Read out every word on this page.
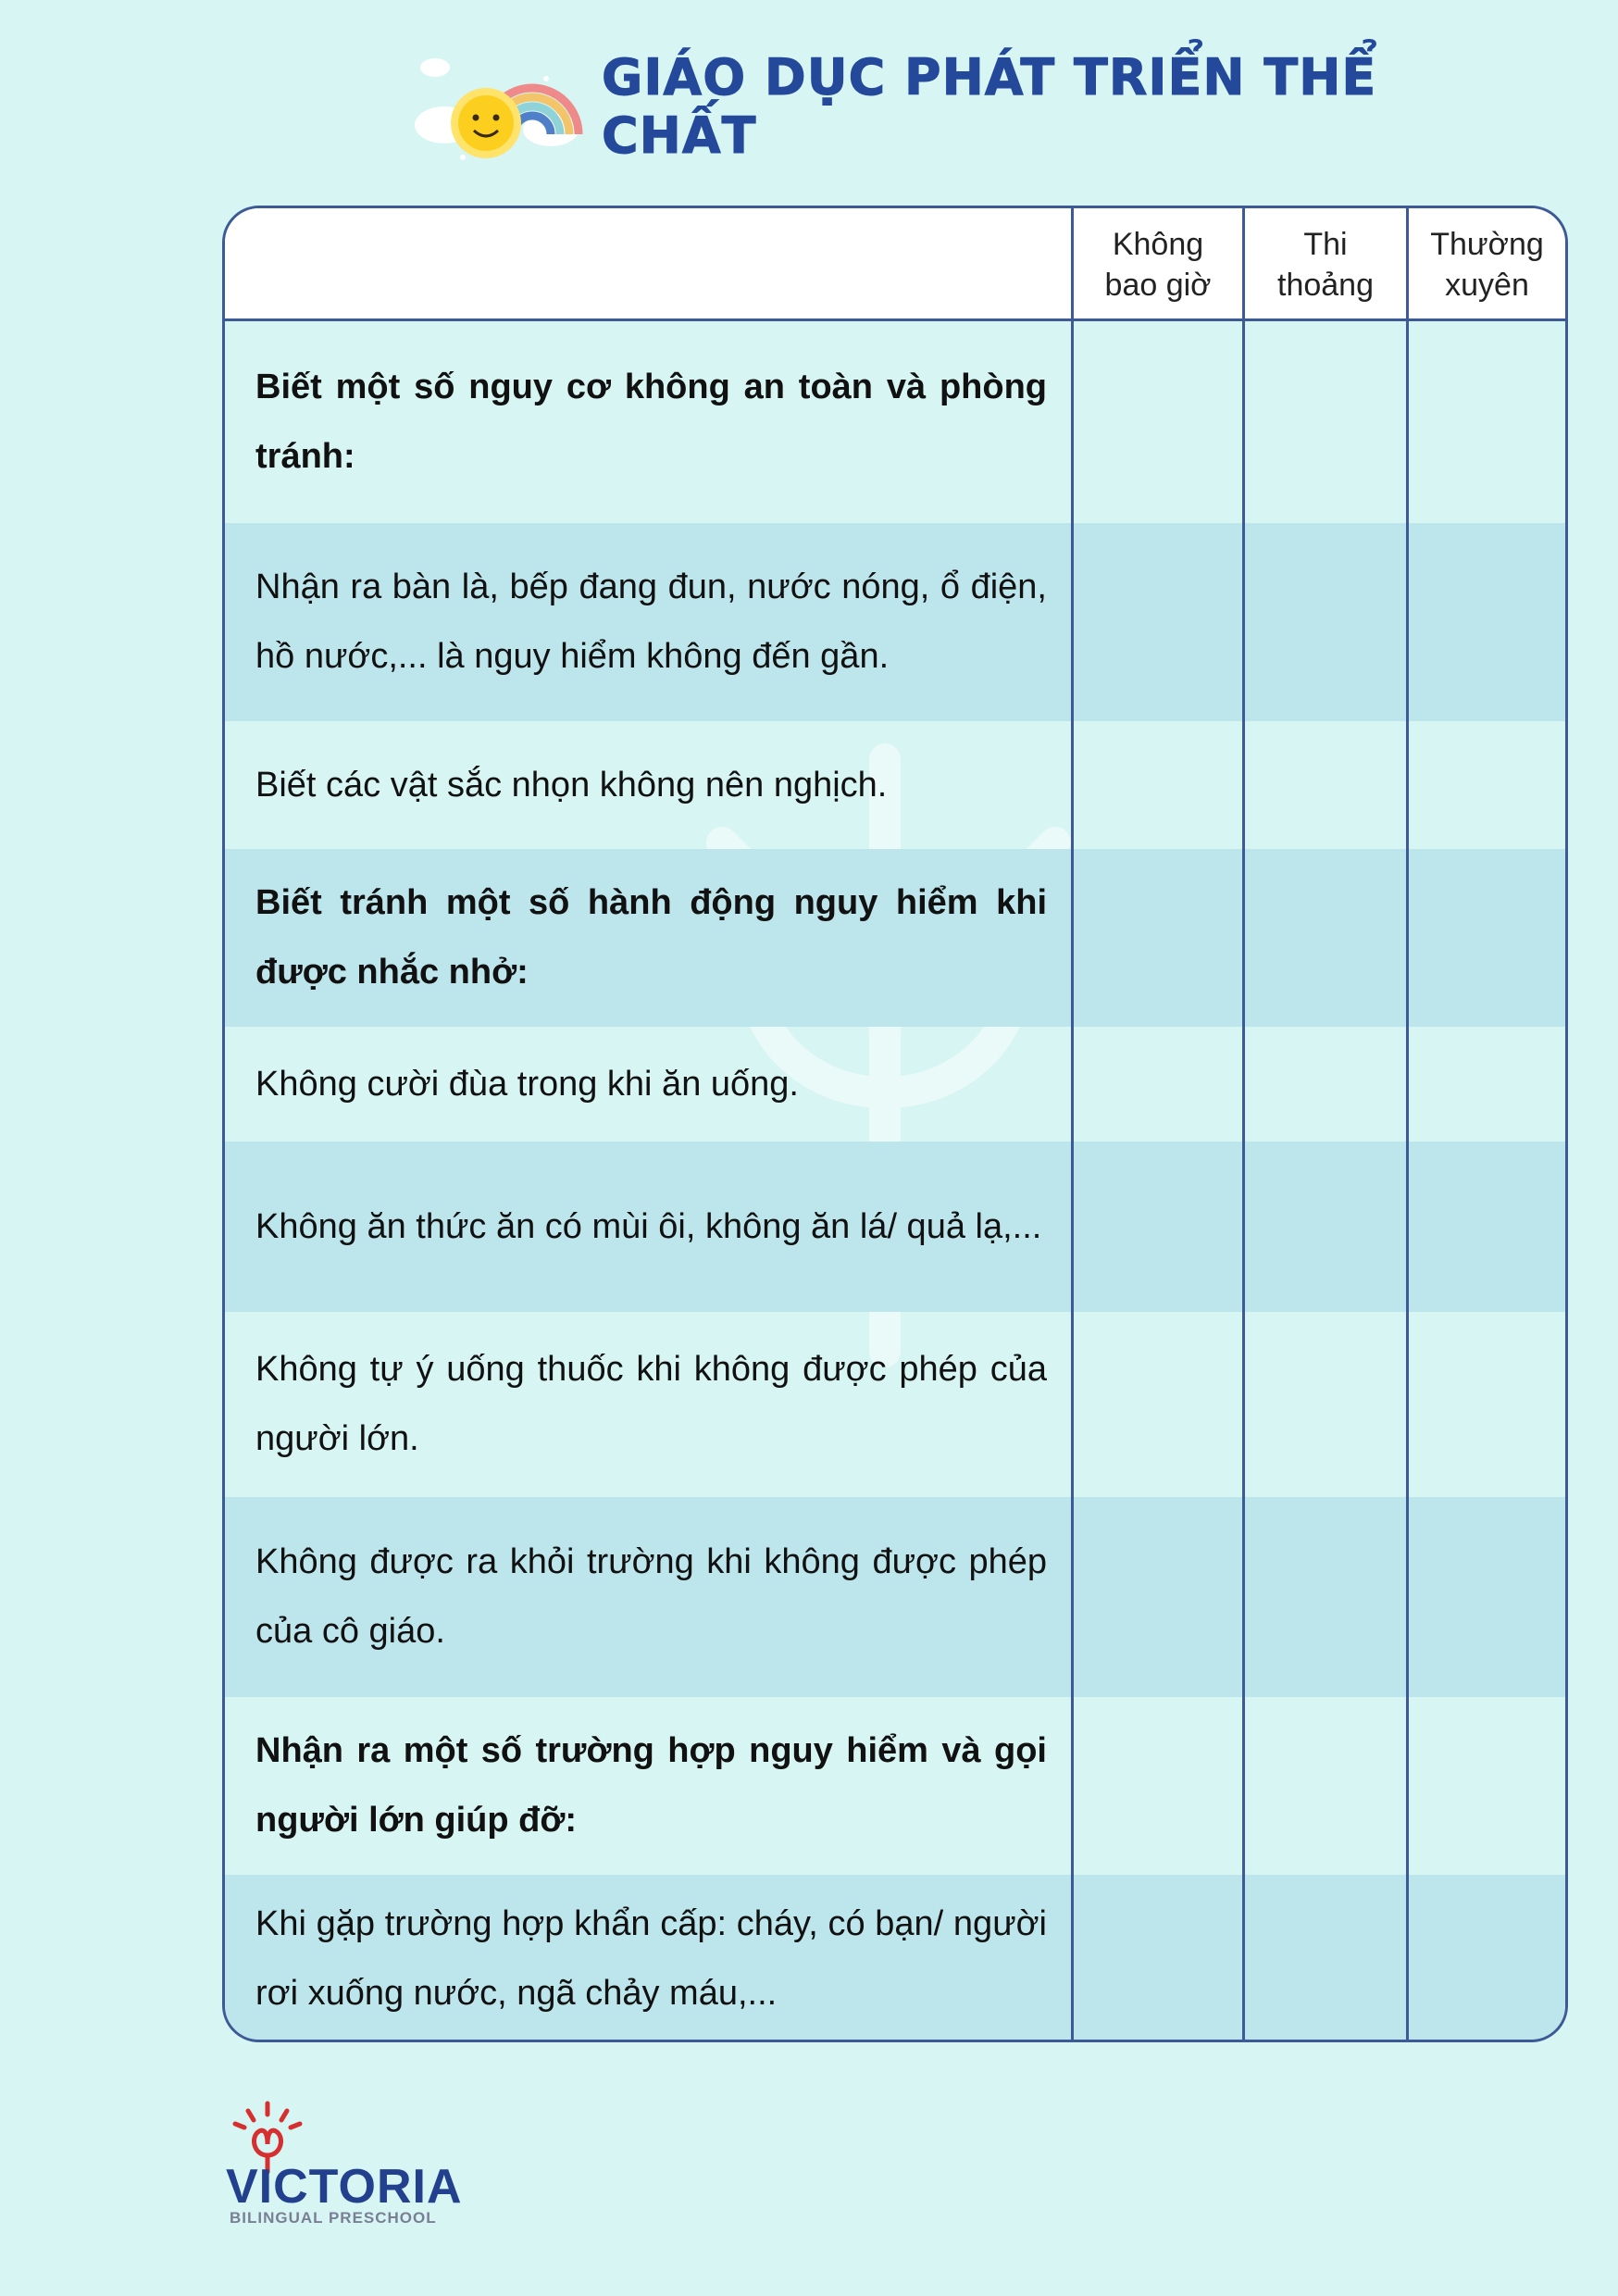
GIÁO DỤC PHÁT TRIỂN THỂ CHẤT
Không
bao giờ
Thi
thoảng
Thường
xuyên
Biết một số nguy cơ không an toàn và phòng tránh:
Nhận ra bàn là, bếp đang đun, nước nóng, ổ điện, hồ nước,... là nguy hiểm không đến gần.
Biết các vật sắc nhọn không nên nghịch.
Biết tránh một số hành động nguy hiểm khi được nhắc nhở:
Không cười đùa trong khi ăn uống.
Không ăn thức ăn có mùi ôi, không ăn lá/ quả lạ,...
Không tự ý uống thuốc khi không được phép của người lớn.
Không được ra khỏi trường khi không được phép của cô giáo.
Nhận ra một số trường hợp nguy hiểm và gọi người lớn giúp đỡ:
Khi gặp trường hợp khẩn cấp: cháy, có bạn/ người rơi xuống nước, ngã chảy máu,...
VICTORIA
BILINGUAL PRESCHOOL
